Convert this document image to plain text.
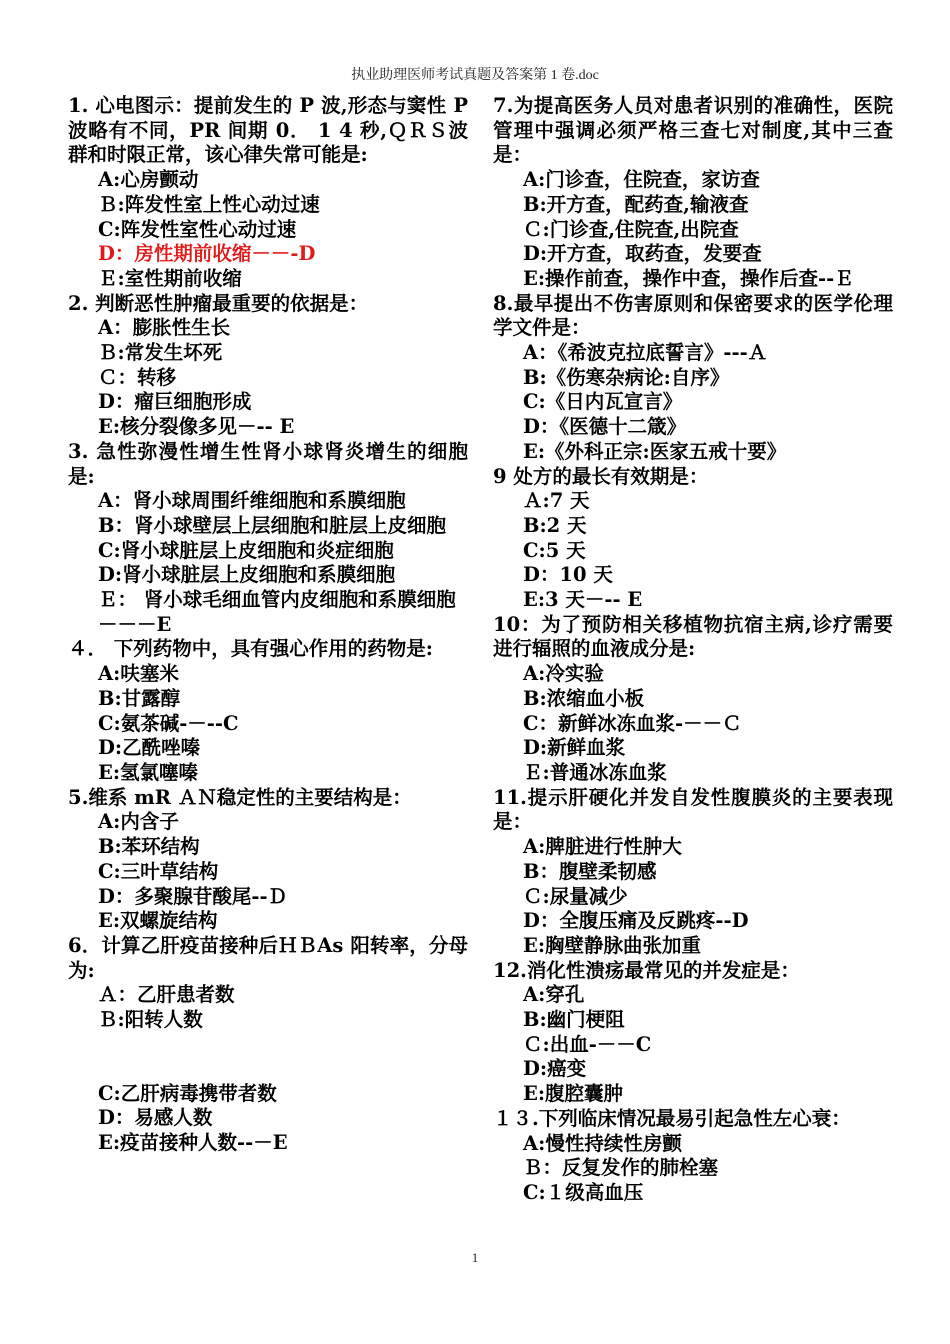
执业助理医师考试真题及答案第 1 卷.doc
1. 心电图示：提前发生的 P 波,形态与窦性 P 波略有不同，PR 间期 0． 1 4 秒,ＱＲＳ波群和时限正常，该心律失常可能是:
A:心房颤动
Ｂ:阵发性室上性心动过速
C:阵发性室性心动过速
D：房性期前收缩－－-D
Ｅ:室性期前收缩
2. 判断恶性肿瘤最重要的依据是：
A：膨胀性生长
Ｂ:常发生坏死
Ｃ：转移
D：瘤巨细胞形成
E:核分裂像多见－-- E
3. 急性弥漫性增生性肾小球肾炎增生的细胞是:
A：肾小球周围纤维细胞和系膜细胞
B：肾小球壁层上层细胞和脏层上皮细胞
C:肾小球脏层上皮细胞和炎症细胞
D:肾小球脏层上皮细胞和系膜细胞
Ｅ： 肾小球毛细血管内皮细胞和系膜细胞 －－－E
４． 下列药物中，具有强心作用的药物是:
A:呋塞米
B:甘露醇
C:氨茶碱-－--C
D:乙酰唑嗪
E:氢氯噻嗪
5.维系 mR ＡＮ稳定性的主要结构是：
A:内含子
B:苯环结构
C:三叶草结构
D：多聚腺苷酸尾--Ｄ
E:双螺旋结构
6．计算乙肝疫苗接种后ＨＢAs 阳转率，分母为:
Ａ：乙肝患者数
Ｂ:阳转人数
C:乙肝病毒携带者数
D：易感人数
E:疫苗接种人数--－E
7.为提高医务人员对患者识别的准确性，医院管理中强调必须严格三查七对制度,其中三查是：
A:门诊查，住院查，家访查
B:开方查，配药查,输液查
Ｃ:门诊查,住院查,出院查
D:开方查，取药查，发要查
E:操作前查，操作中查，操作后查--Ｅ
8.最早提出不伤害原则和保密要求的医学伦理学文件是：
A：《希波克拉底誓言》---Ａ
B:《伤寒杂病论:自序》
C:《日内瓦宣言》
D：《医德十二箴》
E:《外科正宗:医家五戒十要》
9 处方的最长有效期是：
Ａ:7 天
B:2 天
C:5 天
D：10 天
E:3 天－-- E
10：为了预防相关移植物抗宿主病,诊疗需要进行辐照的血液成分是:
A:冷实验
B:浓缩血小板
C：新鲜冰冻血浆-－－Ｃ
D:新鲜血浆
Ｅ:普通冰冻血浆
11.提示肝硬化并发自发性腹膜炎的主要表现是：
A:脾脏进行性肿大
B：腹壁柔韧感
Ｃ:尿量减少
D：全腹压痛及反跳疼--D
E:胸壁静脉曲张加重
12.消化性溃疡最常见的并发症是：
A:穿孔
B:幽门梗阻
Ｃ:出血-－－C
D:癌变
E:腹腔囊肿
１３.下列临床情况最易引起急性左心衰：
A:慢性持续性房颤
Ｂ：反复发作的肺栓塞
C:１级高血压
1
